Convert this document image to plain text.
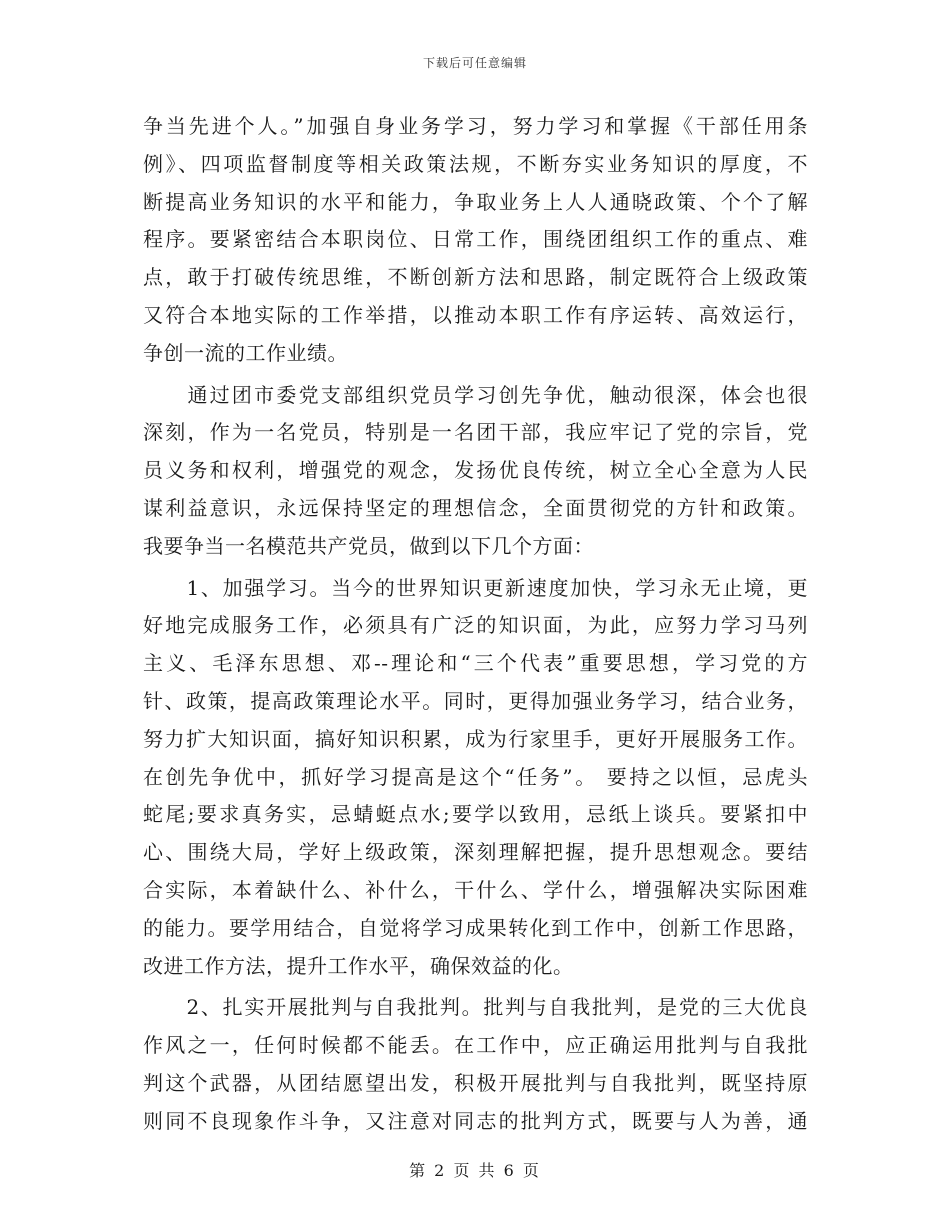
下载后可任意编辑
争当先进个人。”加强自身业务学习，努力学习和掌握《干部任用条
例》、四项监督制度等相关政策法规，不断夯实业务知识的厚度，不
断提高业务知识的水平和能力，争取业务上人人通晓政策、个个了解
程序。要紧密结合本职岗位、日常工作，围绕团组织工作的重点、难
点，敢于打破传统思维，不断创新方法和思路，制定既符合上级政策
又符合本地实际的工作举措，以推动本职工作有序运转、高效运行，
争创一流的工作业绩。
　　通过团市委党支部组织党员学习创先争优，触动很深，体会也很
深刻，作为一名党员，特别是一名团干部，我应牢记了党的宗旨，党
员义务和权利，增强党的观念，发扬优良传统，树立全心全意为人民
谋利益意识，永远保持坚定的理想信念，全面贯彻党的方针和政策。
我要争当一名模范共产党员，做到以下几个方面：
　　1、加强学习。当今的世界知识更新速度加快，学习永无止境，更
好地完成服务工作，必须具有广泛的知识面，为此，应努力学习马列
主义、毛泽东思想、邓--理论和“三个代表”重要思想，学习党的方
针、政策，提高政策理论水平。同时，更得加强业务学习，结合业务，
努力扩大知识面，搞好知识积累，成为行家里手，更好开展服务工作。
在创先争优中，抓好学习提高是这个“任务”。 要持之以恒，忌虎头
蛇尾;要求真务实，忌蜻蜓点水;要学以致用，忌纸上谈兵。要紧扣中
心、围绕大局，学好上级政策，深刻理解把握，提升思想观念。要结
合实际，本着缺什么、补什么，干什么、学什么，增强解决实际困难
的能力。要学用结合，自觉将学习成果转化到工作中，创新工作思路，
改进工作方法，提升工作水平，确保效益的化。
　　2、扎实开展批判与自我批判。批判与自我批判，是党的三大优良
作风之一，任何时候都不能丢。在工作中，应正确运用批判与自我批
判这个武器，从团结愿望出发，积极开展批判与自我批判，既坚持原
则同不良现象作斗争，又注意对同志的批判方式，既要与人为善，通
第 2 页 共 6 页
